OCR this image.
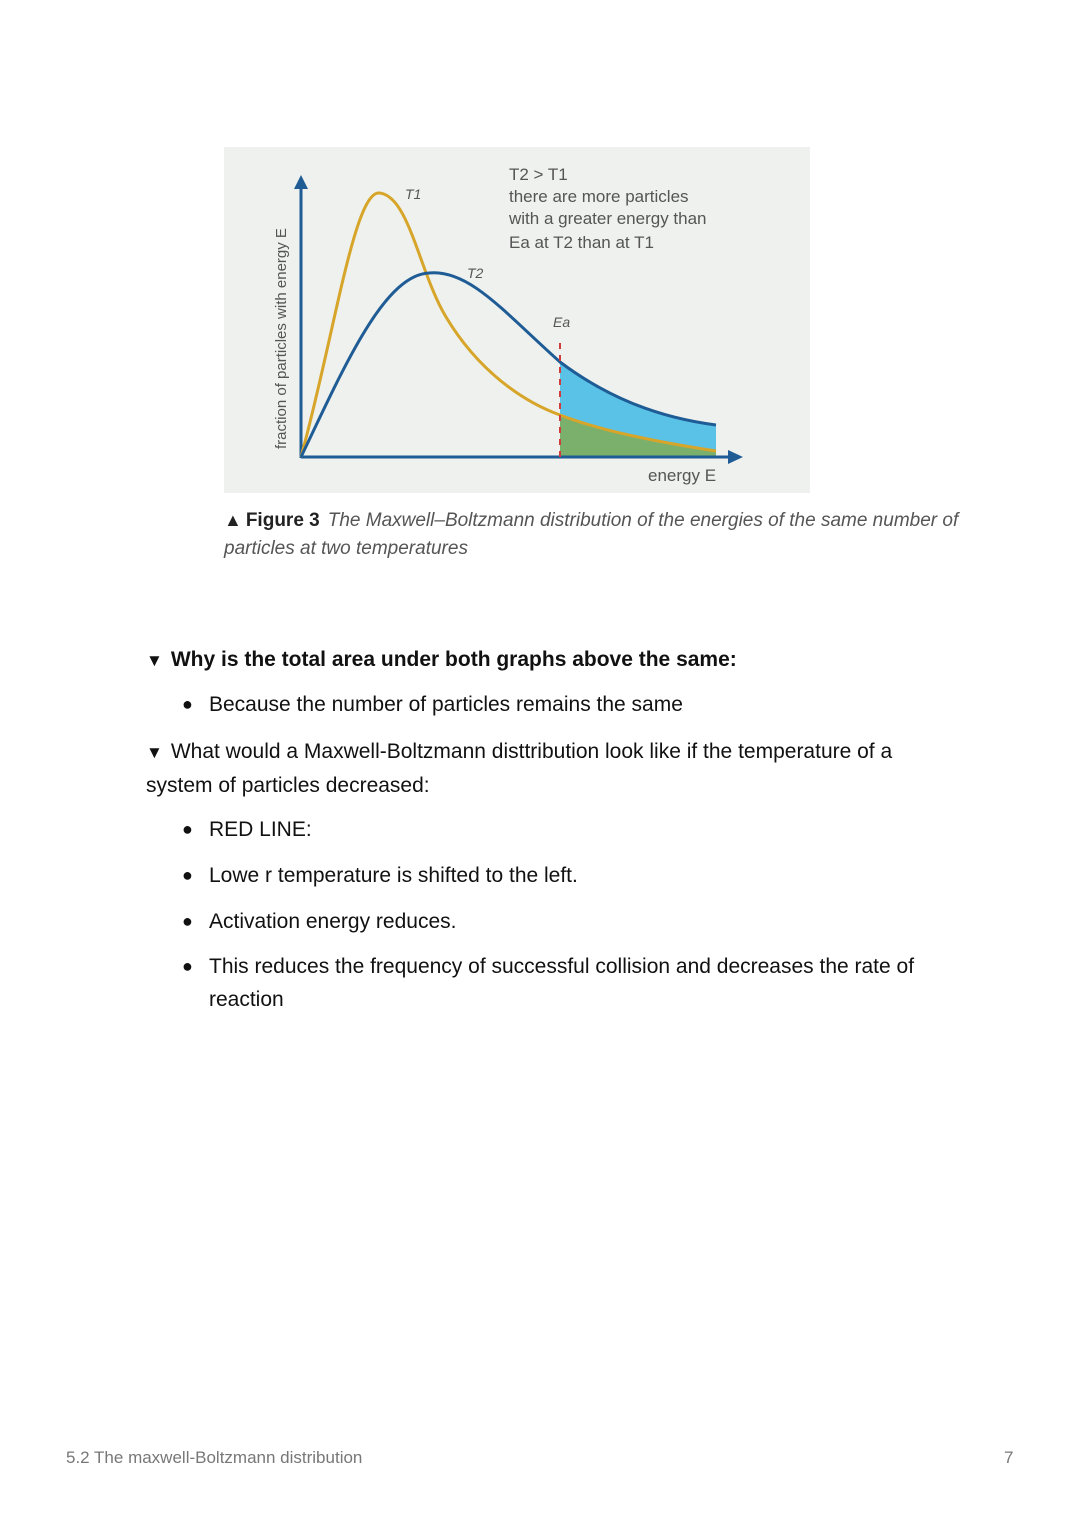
fraction of particles with energy E
energy E
T1
T2
Ea
T2 > T1
there are more particles
with a greater energy than
Ea at T2 than at T1
▲ Figure 3 The Maxwell–Boltzmann distribution of the energies of the same number of particles at two temperatures
▼ Why is the total area under both graphs above the same:
● Because the number of particles remains the same
▼ What would a Maxwell-Boltzmann disttribution look like if the temperature of a system of particles decreased:
● RED LINE:
● Lowe r temperature is shifted to the left.
● Activation energy reduces.
● This reduces the frequency of successful collision and decreases the rate of reaction
5.2 The maxwell-Boltzmann distribution	7
